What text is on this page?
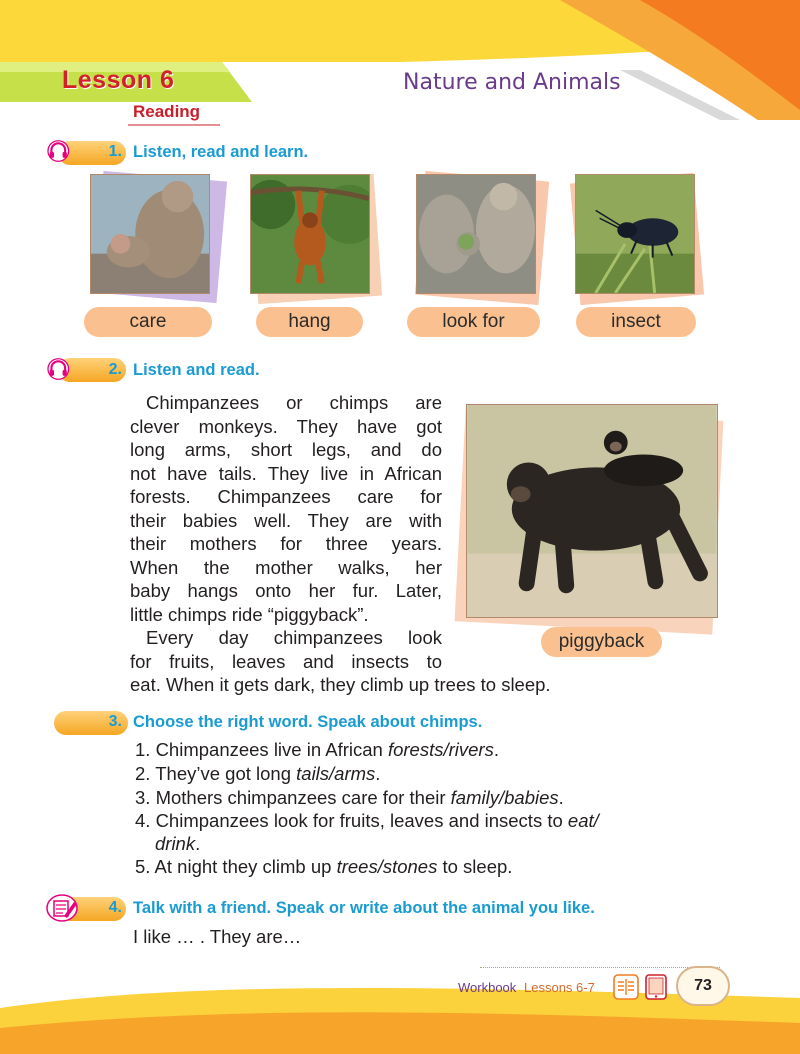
Lesson 6	Nature and Animals
Reading
1. Listen, read and learn.
care	hang	look for	insect
2. Listen and read.
Chimpanzees or chimps are
clever monkeys. They have got
long arms, short legs, and do
not have tails. They live in African
forests. Chimpanzees care for
their babies well. They are with
their mothers for three years.
When the mother walks, her
baby hangs onto her fur. Later,
little chimps ride “piggyback”.
Every day chimpanzees look
for fruits, leaves and insects to
eat. When it gets dark, they climb up trees to sleep.
piggyback
3. Choose the right word. Speak about chimps.
1. Chimpanzees live in African forests/rivers.
2. They’ve got long tails/arms.
3. Mothers chimpanzees care for their family/babies.
4. Chimpanzees look for fruits, leaves and insects to eat/
drink.
5. At night they climb up trees/stones to sleep.
4. Talk with a friend. Speak or write about the animal you like.
I like … . They are…
Workbook Lessons 6-7	73
